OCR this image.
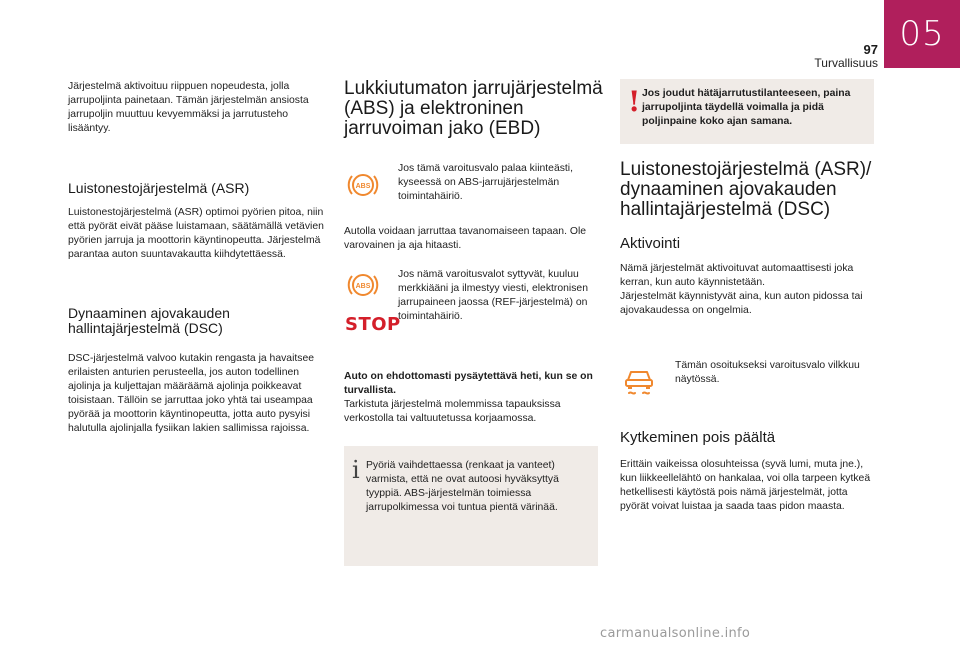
05
97
Turvallisuus

Järjestelmä aktivoituu riippuen nopeudesta, jolla jarrupoljinta painetaan. Tämän järjestelmän ansiosta jarrupoljin muuttuu kevyemmäksi ja jarrutusteho lisääntyy.

Luistonestojärjestelmä (ASR)

Luistonestojärjestelmä (ASR) optimoi pyörien pitoa, niin että pyörät eivät pääse luistamaan, säätämällä vetävien pyörien jarruja ja moottorin käyntinopeutta. Järjestelmä parantaa auton suuntavakautta kiihdytettäessä.

Dynaaminen ajovakauden
hallintajärjestelmä (DSC)

DSC-järjestelmä valvoo kutakin rengasta ja havaitsee erilaisten anturien perusteella, jos auton todellinen ajolinja ja kuljettajan määräämä ajolinja poikkeavat toisistaan. Tällöin se jarruttaa joko yhtä tai useampaa pyörää ja moottorin käyntinopeutta, jotta auto pysyisi halutulla ajolinjalla fysiikan lakien sallimissa rajoissa.

Lukkiutumaton jarrujärjestelmä
(ABS) ja elektroninen
jarruvoiman jako (EBD)
ABS

Jos tämä varoitusvalo palaa kiinteästi, kyseessä on ABS-jarrujärjestelmän toimintahäiriö.

Autolla voidaan jarruttaa tavanomaiseen tapaan. Ole varovainen ja aja hitaasti.

ABS
STOP

Jos nämä varoitusvalot syttyvät, kuuluu merkkiääni ja ilmestyy viesti, elektronisen jarrupaineen jaossa (REF-järjestelmä) on toimintahäiriö.

Auto on ehdottomasti pysäytettävä heti, kun se on turvallista.

Tarkistuta järjestelmä molemmissa tapauksissa verkostolla tai valtuutetussa korjaamossa.

i Pyöriä vaihdettaessa (renkaat ja vanteet) varmista, että ne ovat autoosi hyväksyttyä tyyppiä. ABS-järjestelmän toimiessa jarrupolkimessa voi tuntua pientä värinää.

! Jos joudut hätäjarrutustilanteeseen, paina jarrupoljinta täydellä voimalla ja pidä poljinpaine koko ajan samana.

Luistonestojärjestelmä (ASR)/
dynaaminen ajovakauden
hallintajärjestelmä (DSC)
Aktivointi

Nämä järjestelmät aktivoituvat automaattisesti joka kerran, kun auto käynnistetään.

Järjestelmät käynnistyvät aina, kun auton pidossa tai ajovakaudessa on ongelmia.

Tämän osoitukseksi varoitusvalo vilkkuu näytössä.

Kytkeminen pois päältä

Erittäin vaikeissa olosuhteissa (syvä lumi, muta jne.), kun liikkeellelähtö on hankalaa, voi olla tarpeen kytkeä hetkellisesti käytöstä pois nämä järjestelmät, jotta pyörät voivat luistaa ja saada taas pidon maasta.

carmanualsonline.info
